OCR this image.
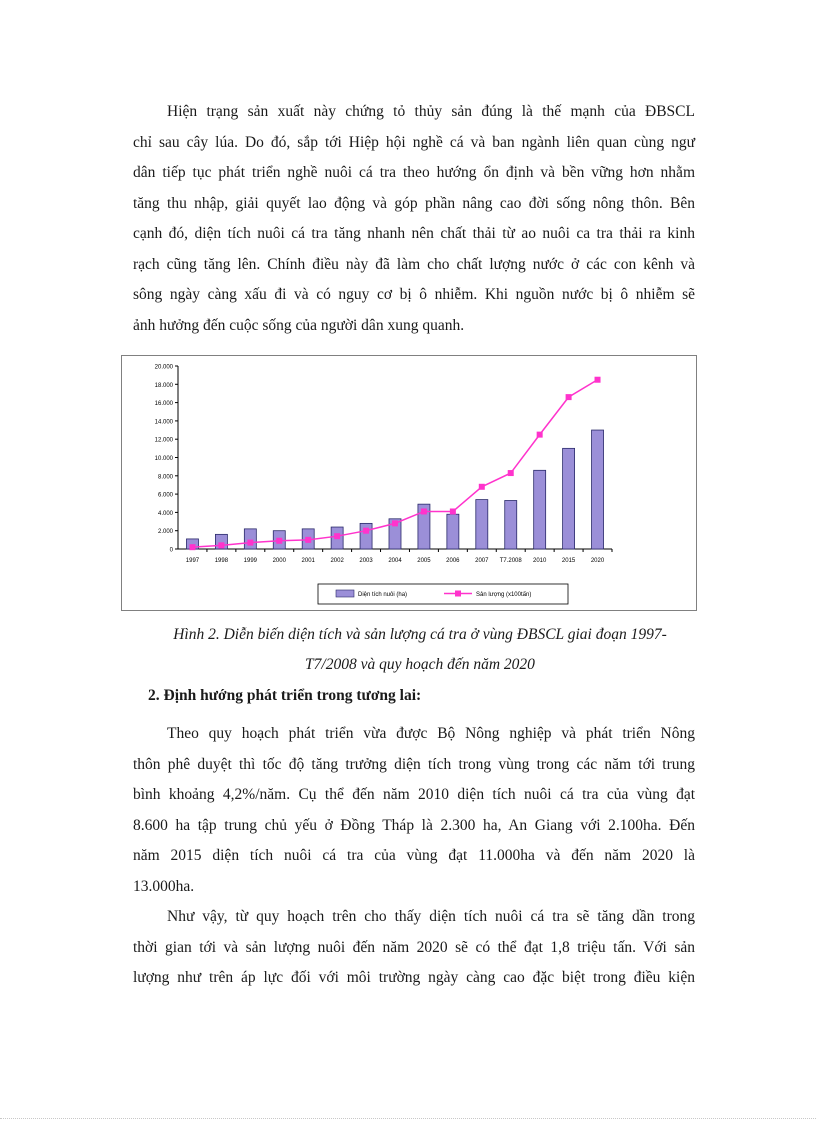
Hiện trạng sản xuất này chứng tỏ thủy sản đúng là thế mạnh của ĐBSCL
chỉ sau cây lúa. Do đó, sắp tới Hiệp hội nghề cá và ban ngành liên quan cùng ngư
dân tiếp tục phát triển nghề nuôi cá tra theo hướng ổn định và bền vững hơn nhằm
tăng thu nhập, giải quyết lao động và góp phần nâng cao đời sống nông thôn. Bên
cạnh đó, diện tích nuôi cá tra tăng nhanh nên chất thải từ ao nuôi ca tra thải ra kinh
rạch cũng tăng lên. Chính điều này đã làm cho chất lượng nước ở các con kênh và
sông ngày càng xấu đi và có nguy cơ bị ô nhiễm. Khi nguồn nước bị ô nhiễm sẽ
ảnh hưởng đến cuộc sống của người dân xung quanh.
0
2.000
4.000
6.000
8.000
10.000
12.000
14.000
16.000
18.000
20.000
1997	1998	1999	2000	2001	2002	2003	2004	2005	2006	2007 T7.2008 2010	2015	2020
Diện tích nuôi (ha)	Sản lượng (x100tấn)

Hình 2. Diễn biến diện tích và sản lượng cá tra ở vùng ĐBSCL giai đoạn 1997-

T7/2008 và quy hoạch đến năm 2020

2. Định hướng phát triển trong tương lai:

Theo quy hoạch phát triển vừa được Bộ Nông nghiệp và phát triển Nông
thôn phê duyệt thì tốc độ tăng trưởng diện tích trong vùng trong các năm tới trung
bình khoảng 4,2%/năm. Cụ thể đến năm 2010 diện tích nuôi cá tra của vùng đạt
8.600 ha tập trung chủ yếu ở Đồng Tháp là 2.300 ha, An Giang với 2.100ha. Đến
năm 2015 diện tích nuôi cá tra của vùng đạt 11.000ha và đến năm 2020 là
13.000ha.
Như vậy, từ quy hoạch trên cho thấy diện tích nuôi cá tra sẽ tăng dần trong
thời gian tới và sản lượng nuôi đến năm 2020 sẽ có thể đạt 1,8 triệu tấn. Với sản
lượng như trên áp lực đối với môi trường ngày càng cao đặc biệt trong điều kiện
